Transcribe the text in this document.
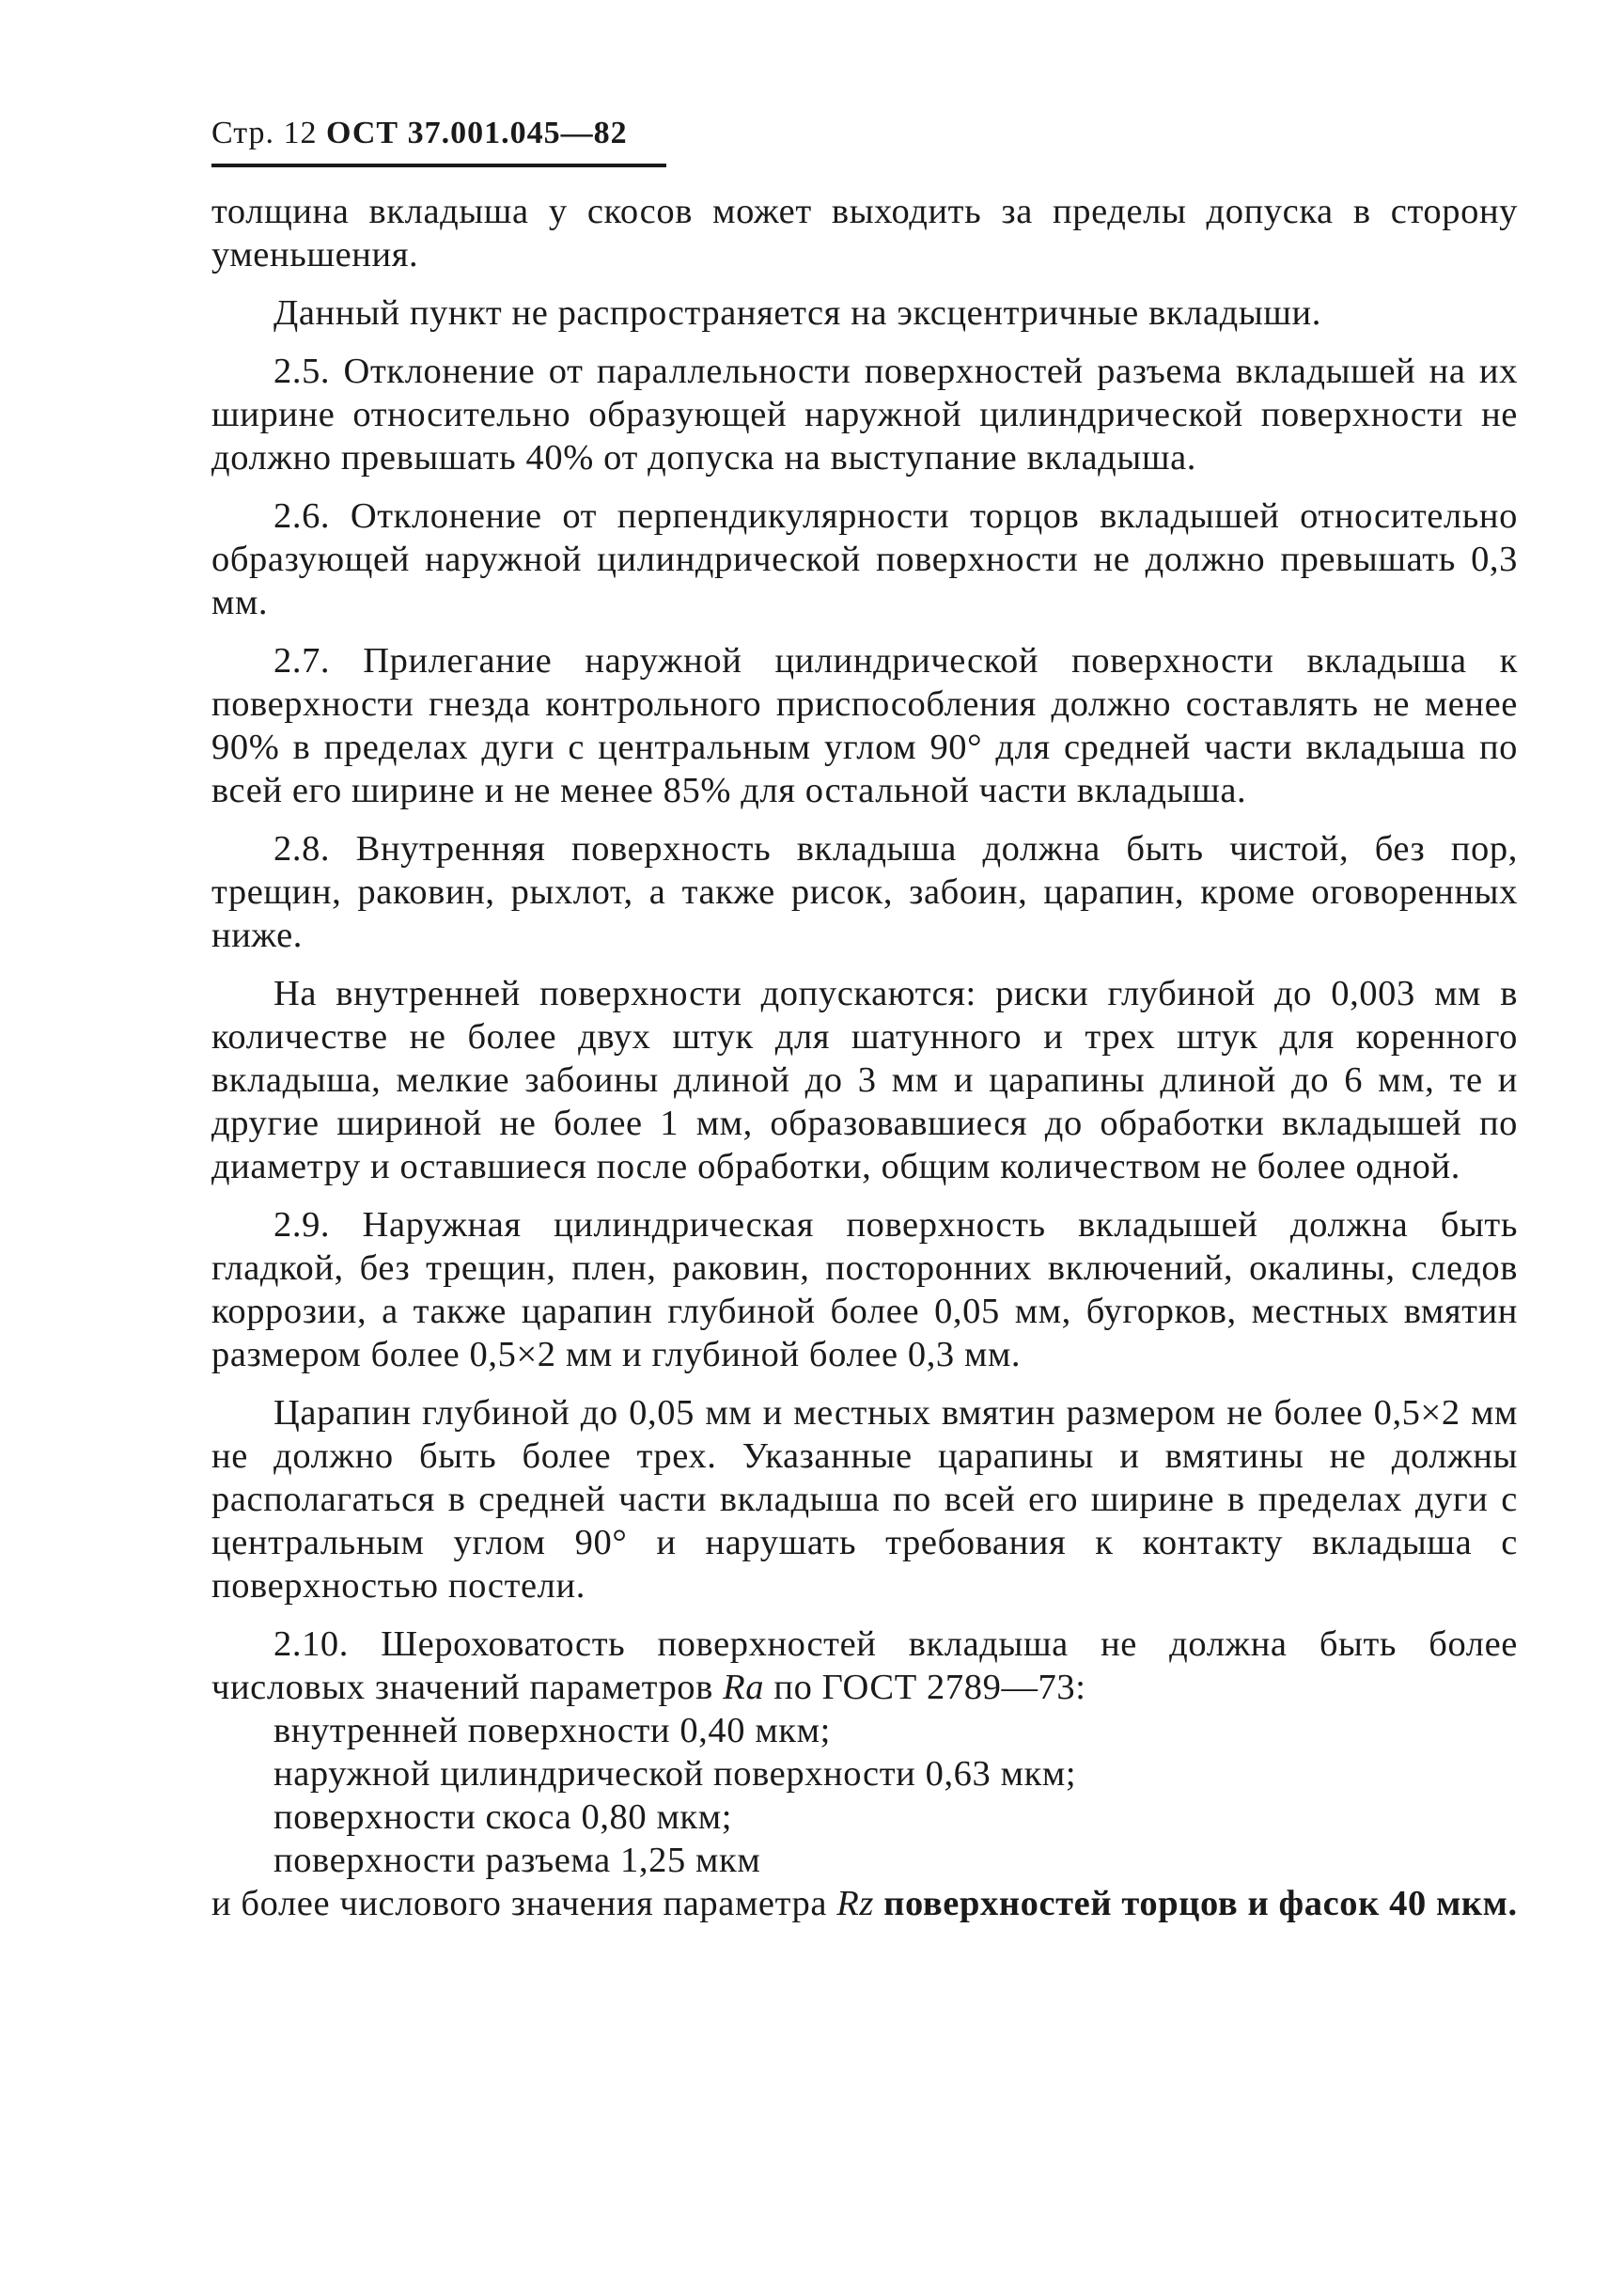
Стр. 12 ОСТ 37.001.045—82

толщина вкладыша у скосов может выходить за пределы допуска в сторону уменьшения.

Данный пункт не распространяется на эксцентричные вкладыши.

2.5. Отклонение от параллельности поверхностей разъема вкладышей на их ширине относительно образующей наружной цилиндрической поверхности не должно превышать 40% от допуска на выступание вкладыша.

2.6. Отклонение от перпендикулярности торцов вкладышей относительно образующей наружной цилиндрической поверхности не должно превышать 0,3 мм.

2.7. Прилегание наружной цилиндрической поверхности вкладыша к поверхности гнезда контрольного приспособления должно составлять не менее 90% в пределах дуги с центральным углом 90° для средней части вкладыша по всей его ширине и не менее 85% для остальной части вкладыша.

2.8. Внутренняя поверхность вкладыша должна быть чистой, без пор, трещин, раковин, рыхлот, а также рисок, забоин, царапин, кроме оговоренных ниже.

На внутренней поверхности допускаются: риски глубиной до 0,003 мм в количестве не более двух штук для шатунного и трех штук для коренного вкладыша, мелкие забоины длиной до 3 мм и царапины длиной до 6 мм, те и другие шириной не более 1 мм, образовавшиеся до обработки вкладышей по диаметру и оставшиеся после обработки, общим количеством не более одной.

2.9. Наружная цилиндрическая поверхность вкладышей должна быть гладкой, без трещин, плен, раковин, посторонних включений, окалины, следов коррозии, а также царапин глубиной более 0,05 мм, бугорков, местных вмятин размером более 0,5×2 мм и глубиной более 0,3 мм.

Царапин глубиной до 0,05 мм и местных вмятин размером не более 0,5×2 мм не должно быть более трех. Указанные царапины и вмятины не должны располагаться в средней части вкладыша по всей его ширине в пределах дуги с центральным углом 90° и нарушать требования к контакту вкладыша с поверхностью постели.

2.10. Шероховатость поверхностей вкладыша не должна быть более числовых значений параметров Ra по ГОСТ 2789—73:

внутренней поверхности 0,40 мкм;
наружной цилиндрической поверхности 0,63 мкм;
поверхности скоса 0,80 мкм;
поверхности разъема 1,25 мкм

и более числового значения параметра Rz поверхностей торцов и фасок 40 мкм.
